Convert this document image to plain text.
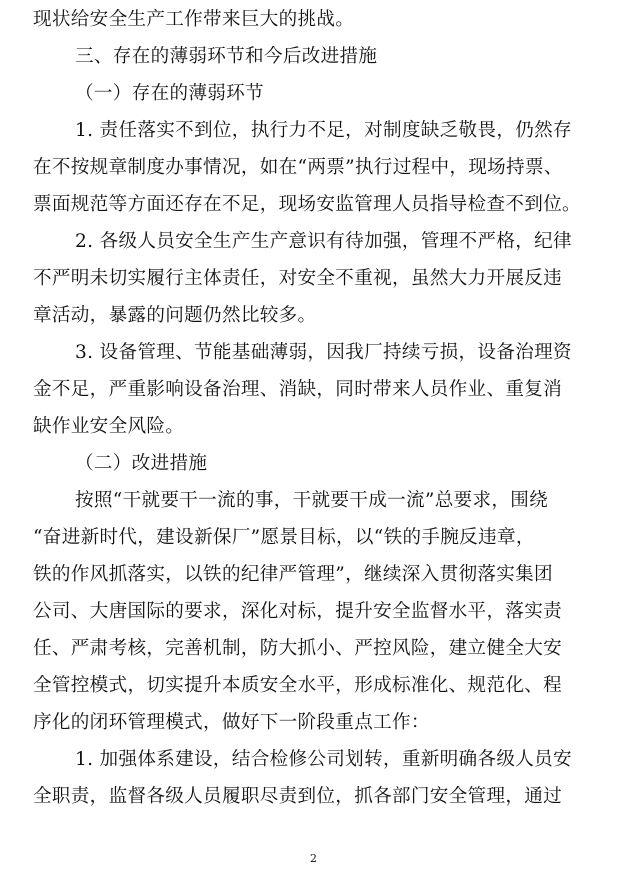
现状给安全生产工作带来巨大的挑战。
三、存在的薄弱环节和今后改进措施
（一）存在的薄弱环节
1. 责任落实不到位，执行力不足，对制度缺乏敬畏，仍然存
在不按规章制度办事情况，如在“两票”执行过程中，现场持票、
票面规范等方面还存在不足，现场安监管理人员指导检查不到位。
2. 各级人员安全生产生产意识有待加强，管理不严格，纪律
不严明未切实履行主体责任，对安全不重视，虽然大力开展反违
章活动，暴露的问题仍然比较多。
3. 设备管理、节能基础薄弱，因我厂持续亏损，设备治理资
金不足，严重影响设备治理、消缺，同时带来人员作业、重复消
缺作业安全风险。
（二）改进措施
按照“干就要干一流的事，干就要干成一流”总要求，围绕
“奋进新时代，建设新保厂”愿景目标，以“铁的手腕反违章，
铁的作风抓落实，以铁的纪律严管理”，继续深入贯彻落实集团
公司、大唐国际的要求，深化对标，提升安全监督水平，落实责
任、严肃考核，完善机制，防大抓小、严控风险，建立健全大安
全管控模式，切实提升本质安全水平，形成标准化、规范化、程
序化的闭环管理模式，做好下一阶段重点工作：
1. 加强体系建设，结合检修公司划转，重新明确各级人员安
全职责，监督各级人员履职尽责到位，抓各部门安全管理，通过
2
